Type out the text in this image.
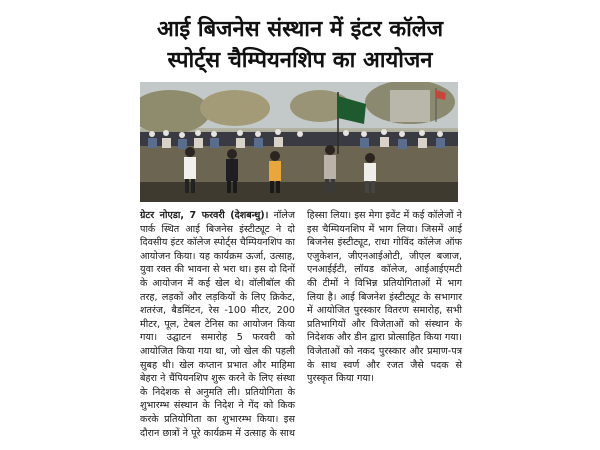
आई बिजनेस संस्थान में इंटर कॉलेज
स्पोर्ट्स चैम्पियनशिप का आयोजन

ग्रेटर नोएडा, 7 फरवरी (देशबन्धु)। नॉलेज पार्क स्थित आई बिजनेस इंस्टीट्यूट ने दो दिवसीय इंटर कॉलेज स्पोर्ट्स चैम्पियनशिप का आयोजन किया। यह कार्यक्रम ऊर्जा, उत्साह, युवा रक्त की भावना से भरा था। इस दो दिनों के आयोजन में कई खेल थे। वॉलीबॉल की तरह, लड़कों और लड़कियों के लिए क्रिकेट, शतरंज, बैडमिंटन, रेस -100 मीटर, 200 मीटर, पूल, टेबल टेनिस का आयोजन किया गया। उद्घाटन समारोह 5 फरवरी को आयोजित किया गया था, जो खेल की पहली सुबह थी। खेल कप्तान प्रभात और माहिमा बेहरा ने चैंपियनशिप शुरू करने के लिए संस्था के निदेशक से अनुमति ली। प्रतियोगिता के शुभारम्भ संस्थान के निदेश ने गेंद को किक करके प्रतियोगिता का शुभारम्भ किया। इस दौरान छात्रों ने पूरे कार्यक्रम में उत्साह के साथ हिस्सा लिया। इस मेगा इवेंट में कई कॉलेजों ने इस चैम्पियनशिप में भाग लिया। जिसमें आई बिजनेस इंस्टीट्यूट, राधा गोविंद कॉलेज ऑफ एजुकेशन, जीएनआईओटी, जीएल बजाज, एनआईईटी, लॉयड कॉलेज, आईआईएमटी की टीमों ने विभिन्न प्रतियोगिताओं में भाग लिया है। आई बिजनेश इंस्टीट्यूट के सभागार में आयोजित पुरस्कार वितरण समारोह, सभी प्रतिभागियों और विजेताओं को संस्थान के निदेशक और डीन द्वारा प्रोत्साहित किया गया। विजेताओं को नकद पुरस्कार और प्रमाण-पत्र के साथ स्वर्ण और रजत जैसे पदक से पुरस्कृत किया गया।
